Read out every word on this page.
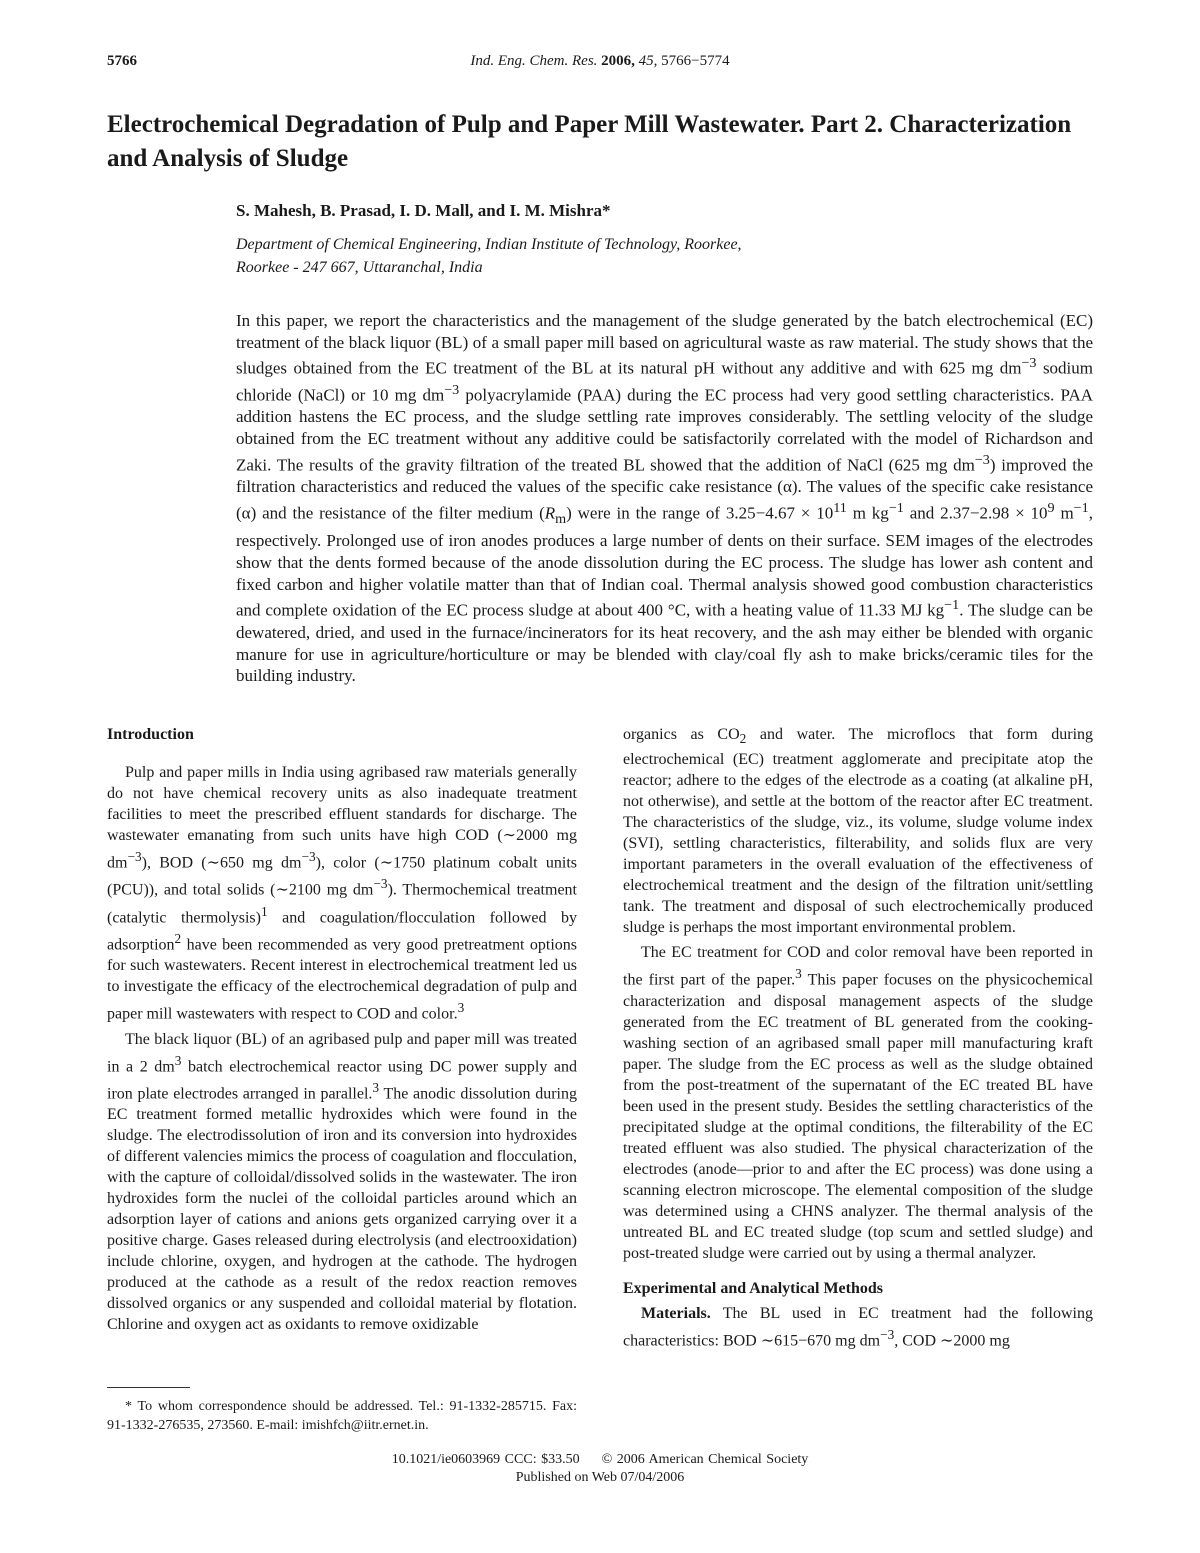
5766	Ind. Eng. Chem. Res. 2006, 45, 5766−5774
Electrochemical Degradation of Pulp and Paper Mill Wastewater. Part 2. Characterization and Analysis of Sludge
S. Mahesh, B. Prasad, I. D. Mall, and I. M. Mishra*
Department of Chemical Engineering, Indian Institute of Technology, Roorkee,
Roorkee - 247 667, Uttaranchal, India

In this paper, we report the characteristics and the management of the sludge generated by the batch electrochemical (EC) treatment of the black liquor (BL) of a small paper mill based on agricultural waste as raw material. The study shows that the sludges obtained from the EC treatment of the BL at its natural pH without any additive and with 625 mg $dm^{-3}$ sodium chloride (NaCl) or 10 mg $dm^{-3}$ polyacrylamide (PAA) during the EC process had very good settling characteristics. PAA addition hastens the EC process, and the sludge settling rate improves considerably. The settling velocity of the sludge obtained from the EC treatment without any additive could be satisfactorily correlated with the model of Richardson and Zaki. The results of the gravity filtration of the treated BL showed that the addition of NaCl (625 mg $dm^{-3}$) improved the filtration characteristics and reduced the values of the specific cake resistance (α). The values of the specific cake resistance (α) and the resistance of the filter medium $(R_m)$ were in the range of $3.25-4.67 \times 10^{11}$ m $kg^{-1}$ and $2.37-2.98 \times 10^9$ $m^{-1}$, respectively. Prolonged use of iron anodes produces a large number of dents on their surface. SEM images of the electrodes show that the dents formed because of the anode dissolution during the EC process. The sludge has lower ash content and fixed carbon and higher volatile matter than that of Indian coal. Thermal analysis showed good combustion characteristics and complete oxidation of the EC process sludge at about 400 °C, with a heating value of 11.33 MJ $kg^{-1}$. The sludge can be dewatered, dried, and used in the furnace/incinerators for its heat recovery, and the ash may either be blended with organic manure for use in agriculture/horticulture or may be blended with clay/coal fly ash to make bricks/ceramic tiles for the building industry.

Introduction

Pulp and paper mills in India using agribased raw materials generally do not have chemical recovery units as also inadequate treatment facilities to meet the prescribed effluent standards for discharge. The wastewater emanating from such units have high COD (∼2000 mg $dm^{-3}$), BOD (∼650 mg $dm^{-3}$), color (∼1750 platinum cobalt units (PCU)), and total solids (∼2100 mg $dm^{-3}$). Thermochemical treatment (catalytic thermolysis)$^1$ and coagulation/flocculation followed by adsorption$^2$ have been recommended as very good pretreatment options for such wastewaters. Recent interest in electrochemical treatment led us to investigate the efficacy of the electrochemical degradation of pulp and paper mill wastewaters with respect to COD and color.$^3$

The black liquor (BL) of an agribased pulp and paper mill was treated in a 2 $dm^3$ batch electrochemical reactor using DC power supply and iron plate electrodes arranged in parallel.$^3$ The anodic dissolution during EC treatment formed metallic hydroxides which were found in the sludge. The electrodissolution of iron and its conversion into hydroxides of different valencies mimics the process of coagulation and flocculation, with the capture of colloidal/dissolved solids in the wastewater. The iron hydroxides form the nuclei of the colloidal particles around which an adsorption layer of cations and anions gets organized carrying over it a positive charge. Gases released during electrolysis (and electrooxidation) include chlorine, oxygen, and hydrogen at the cathode. The hydrogen produced at the cathode as a result of the redox reaction removes dissolved organics or any suspended and colloidal material by flotation. Chlorine and oxygen act as oxidants to remove oxidizable

organics as $CO_2$ and water. The microflocs that form during electrochemical (EC) treatment agglomerate and precipitate atop the reactor; adhere to the edges of the electrode as a coating (at alkaline pH, not otherwise), and settle at the bottom of the reactor after EC treatment. The characteristics of the sludge, viz., its volume, sludge volume index (SVI), settling characteristics, filterability, and solids flux are very important parameters in the overall evaluation of the effectiveness of electrochemical treatment and the design of the filtration unit/settling tank. The treatment and disposal of such electrochemically produced sludge is perhaps the most important environmental problem.

The EC treatment for COD and color removal have been reported in the first part of the paper.$^3$ This paper focuses on the physicochemical characterization and disposal management aspects of the sludge generated from the EC treatment of BL generated from the cooking-washing section of an agribased small paper mill manufacturing kraft paper. The sludge from the EC process as well as the sludge obtained from the post-treatment of the supernatant of the EC treated BL have been used in the present study. Besides the settling characteristics of the precipitated sludge at the optimal conditions, the filterability of the EC treated effluent was also studied. The physical characterization of the electrodes (anode—prior to and after the EC process) was done using a scanning electron microscope. The elemental composition of the sludge was determined using a CHNS analyzer. The thermal analysis of the untreated BL and EC treated sludge (top scum and settled sludge) and post-treated sludge were carried out by using a thermal analyzer.

Experimental and Analytical Methods

Materials. The BL used in EC treatment had the following characteristics: BOD ∼615−670 mg $dm^{-3}$, COD ∼2000 mg

* To whom correspondence should be addressed. Tel.: 91-1332-285715. Fax: 91-1332-276535, 273560. E-mail: imishfch@iitr.ernet.in.
10.1021/ie0603969 CCC: $33.50 © 2006 American Chemical Society
Published on Web 07/04/2006
